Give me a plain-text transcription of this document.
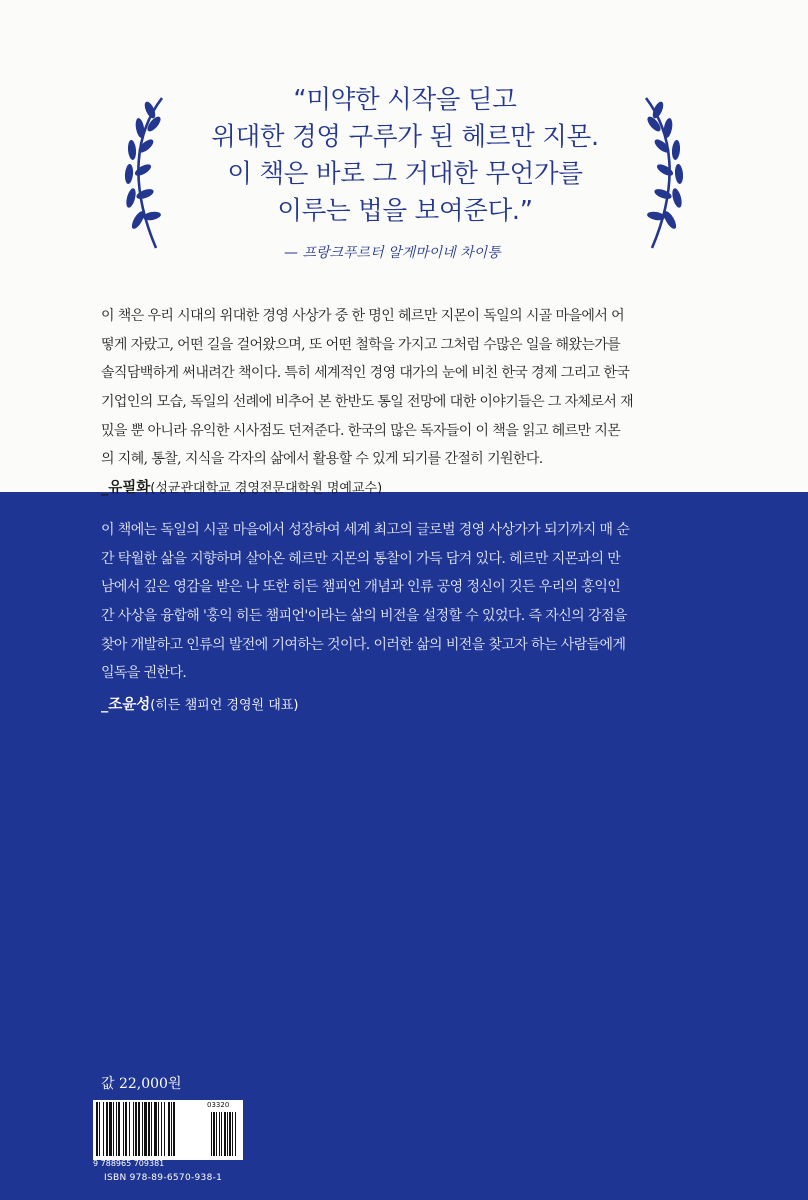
“미약한 시작을 딛고
위대한 경영 구루가 된 헤르만 지몬.
이 책은 바로 그 거대한 무언가를
이루는 법을 보여준다.”
— 프랑크푸르터 알게마이네 차이퉁
이 책은 우리 시대의 위대한 경영 사상가 중 한 명인 헤르만 지몬이 독일의 시골 마을에서 어
떻게 자랐고, 어떤 길을 걸어왔으며, 또 어떤 철학을 가지고 그처럼 수많은 일을 해왔는가를
솔직담백하게 써내려간 책이다. 특히 세계적인 경영 대가의 눈에 비친 한국 경제 그리고 한국
기업인의 모습, 독일의 선례에 비추어 본 한반도 통일 전망에 대한 이야기들은 그 자체로서 재
밌을 뿐 아니라 유익한 시사점도 던져준다. 한국의 많은 독자들이 이 책을 읽고 헤르만 지몬
의 지혜, 통찰, 지식을 각자의 삶에서 활용할 수 있게 되기를 간절히 기원한다.
_유필화(성균관대학교 경영전문대학원 명예교수)
이 책에는 독일의 시골 마을에서 성장하여 세계 최고의 글로벌 경영 사상가가 되기까지 매 순
간 탁월한 삶을 지향하며 살아온 헤르만 지몬의 통찰이 가득 담겨 있다. 헤르만 지몬과의 만
남에서 깊은 영감을 받은 나 또한 히든 챔피언 개념과 인류 공영 정신이 깃든 우리의 홍익인
간 사상을 융합해 '홍익 히든 챔피언'이라는 삶의 비전을 설정할 수 있었다. 즉 자신의 강점을
찾아 개발하고 인류의 발전에 기여하는 것이다. 이러한 삶의 비전을 찾고자 하는 사람들에게
일독을 권한다.
_조윤성(히든 챔피언 경영원 대표)
값 22,000원
03320
9 788965 709381
ISBN 978-89-6570-938-1
